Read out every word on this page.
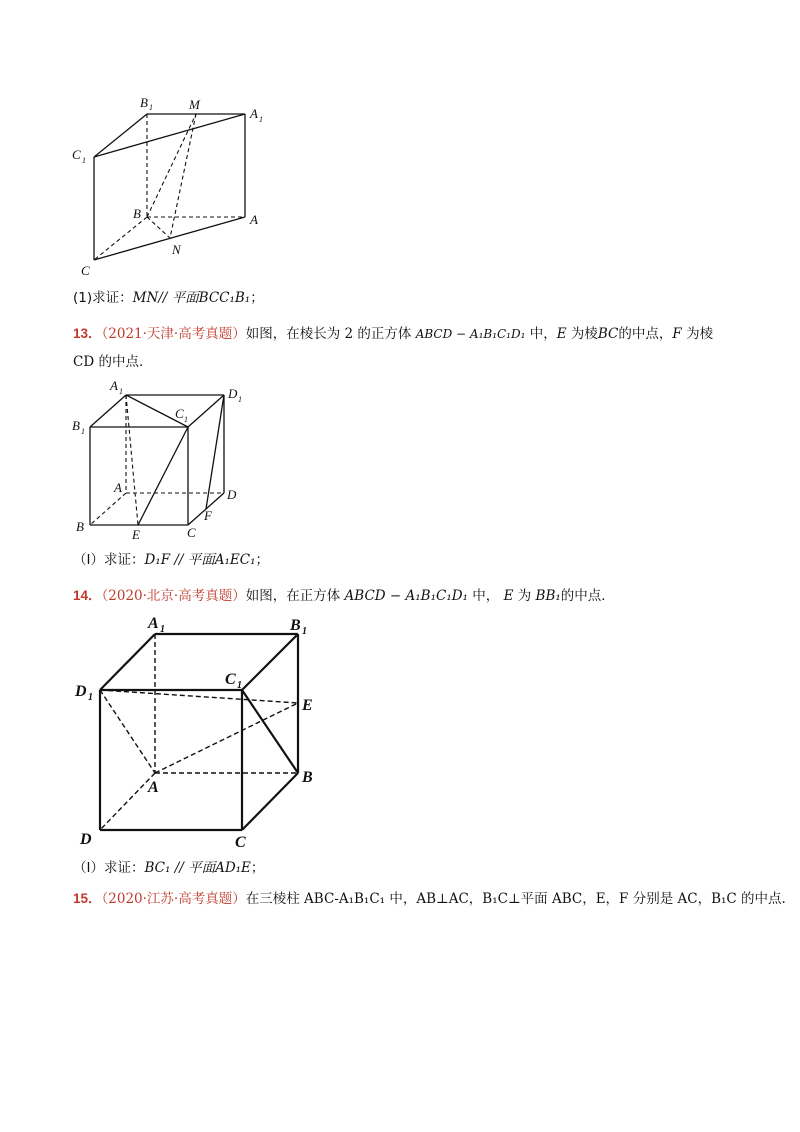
B 1	M
A 1
C 1
B	A
N
C
(1)求证：MN// 平面BCC₁B₁；
13．（2021·天津·高考真题）如图，在棱长为 2 的正方体 ABCD − A₁B₁C₁D₁ 中，E 为棱BC的中点，F 为棱
CD 的中点．
A 1	D 1
C 1
B 1
A	D
F
B
E	C
（I）求证：D₁F // 平面A₁EC₁；
14．（2020·北京·高考真题）如图，在正方体 ABCD − A₁B₁C₁D₁ 中， E 为 BB₁的中点．
A 1	B 1
D 1
C 1
E
A
B
D	C
（Ⅰ）求证：BC₁ // 平面AD₁E；
15．（2020·江苏·高考真题）在三棱柱 ABC-A₁B₁C₁ 中，AB⊥AC，B₁C⊥平面 ABC，E，F 分别是 AC，B₁C 的中点.
